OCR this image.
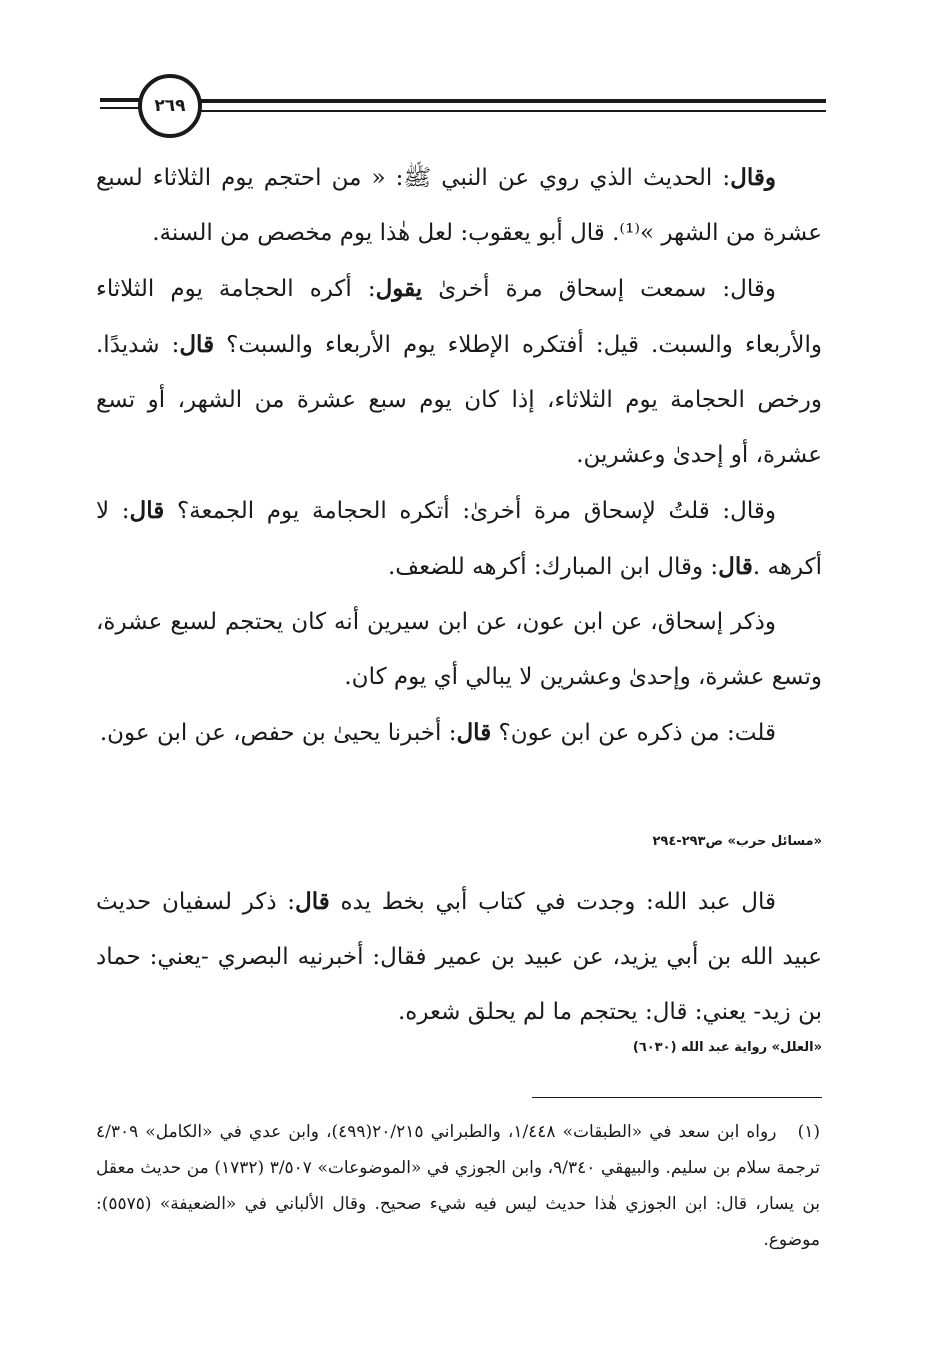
٢٦٩

وقال: الحديث الذي روي عن النبي ﷺ: « من احتجم يوم الثلاثاء لسبع عشرة من الشهر »⁽¹⁾. قال أبو يعقوب: لعل هٰذا يوم مخصص من السنة.

وقال: سمعت إسحاق مرة أخرىٰ يقول: أكره الحجامة يوم الثلاثاء والأربعاء والسبت. قيل: أفتكره الإطلاء يوم الأربعاء والسبت؟ قال: شديدًا. ورخص الحجامة يوم الثلاثاء، إذا كان يوم سبع عشرة من الشهر، أو تسع عشرة، أو إحدىٰ وعشرين.

وقال: قلتُ لإسحاق مرة أخرىٰ: أتكره الحجامة يوم الجمعة؟ قال: لا أكرهه .قال: وقال ابن المبارك: أكرهه للضعف.

وذكر إسحاق، عن ابن عون، عن ابن سيرين أنه كان يحتجم لسبع عشرة، وتسع عشرة، وإحدىٰ وعشرين لا يبالي أي يوم كان.

قلت: من ذكره عن ابن عون؟ قال: أخبرنا يحيىٰ بن حفص، عن ابن عون.

«مسائل حرب» ص٢٩٣-٢٩٤

قال عبد الله: وجدت في كتاب أبي بخط يده قال: ذكر لسفيان حديث عبيد الله بن أبي يزيد، عن عبيد بن عمير فقال: أخبرنيه البصري -يعني: حماد بن زيد- يعني: قال: يحتجم ما لم يحلق شعره.

«العلل» رواية عبد الله (٦٠٣٠)

(١)   رواه ابن سعد في «الطبقات» ١/٤٤٨، والطبراني ٢٠/٢١٥(٤٩٩)، وابن عدي في «الكامل» ٤/٣٠٩ ترجمة سلام بن سليم. والبيهقي ٩/٣٤٠، وابن الجوزي في «الموضوعات» ٣/٥٠٧ (١٧٣٢) من حديث معقل بن يسار، قال: ابن الجوزي هٰذا حديث ليس فيه شيء صحيح. وقال الألباني في «الضعيفة» (٥٥٧٥): موضوع.
